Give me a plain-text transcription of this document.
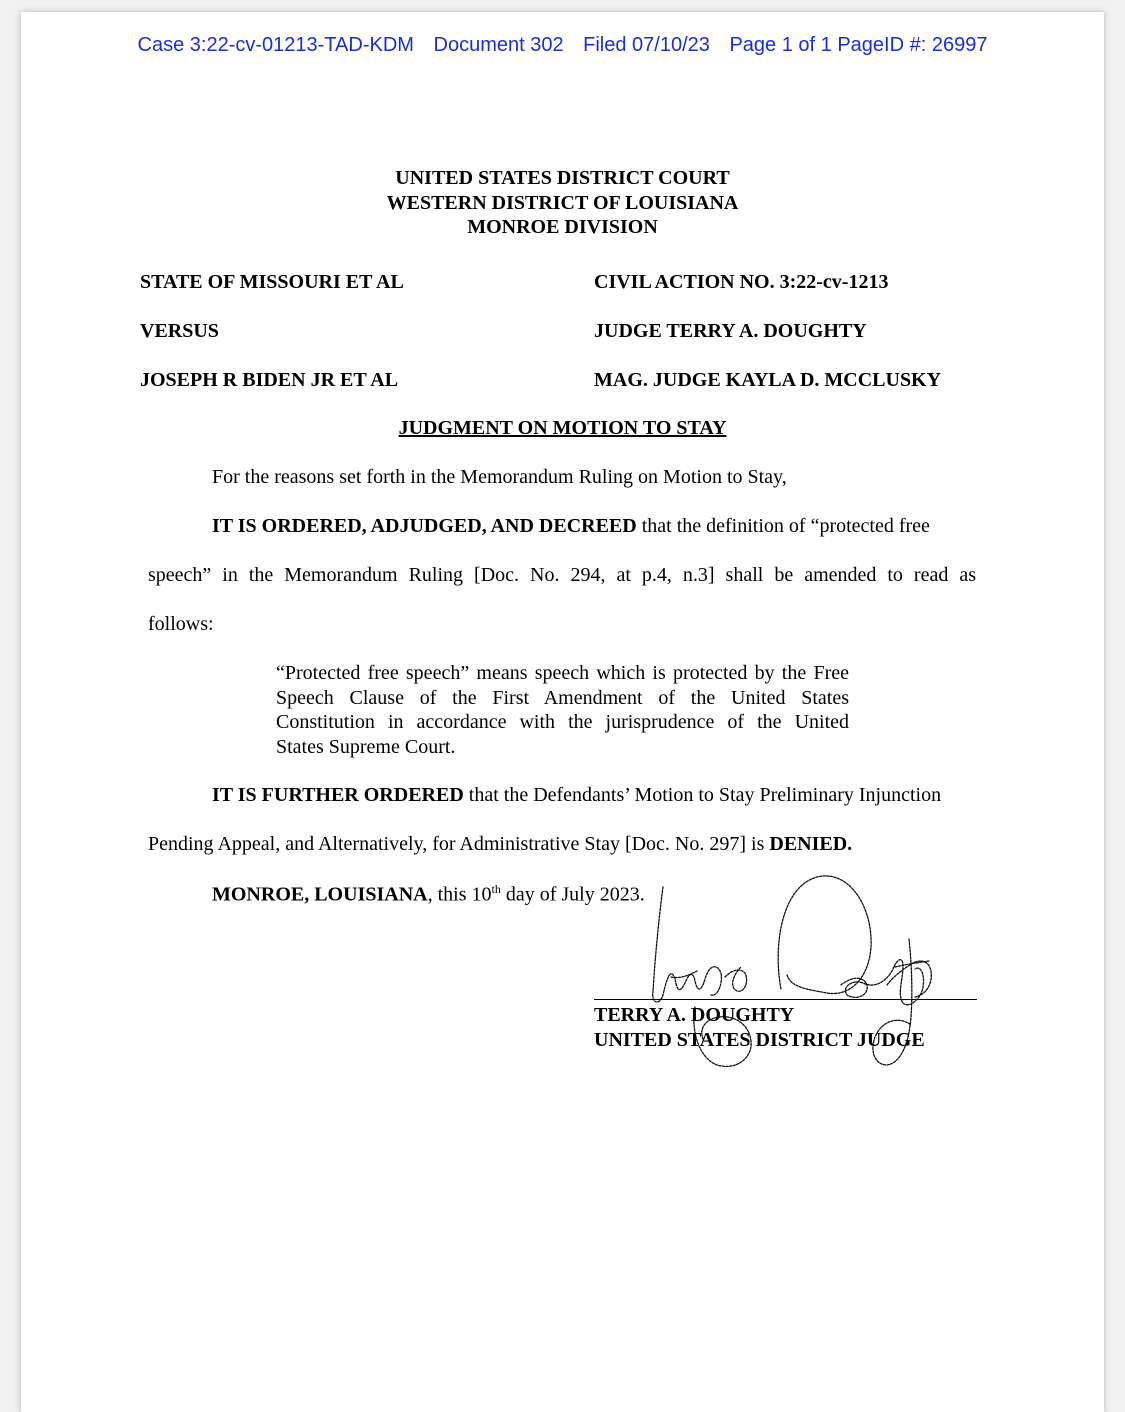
Case 3:22-cv-01213-TAD-KDM Document 302 Filed 07/10/23 Page 1 of 1 PageID #: 26997
UNITED STATES DISTRICT COURT
WESTERN DISTRICT OF LOUISIANA
MONROE DIVISION
STATE OF MISSOURI ET AL	CIVIL ACTION NO. 3:22-cv-1213
VERSUS	JUDGE TERRY A. DOUGHTY
JOSEPH R BIDEN JR ET AL	MAG. JUDGE KAYLA D. MCCLUSKY
JUDGMENT ON MOTION TO STAY
For the reasons set forth in the Memorandum Ruling on Motion to Stay,
IT IS ORDERED, ADJUDGED, AND DECREED that the definition of “protected free
speech” in the Memorandum Ruling [Doc. No. 294, at p.4, n.3] shall be amended to read as
follows:
“Protected free speech” means speech which is protected by the Free
Speech Clause of the First Amendment of the United States
Constitution in accordance with the jurisprudence of the United
States Supreme Court.
IT IS FURTHER ORDERED that the Defendants’ Motion to Stay Preliminary Injunction
Pending Appeal, and Alternatively, for Administrative Stay [Doc. No. 297] is DENIED.
MONROE, LOUISIANA, this 10th day of July 2023.
TERRY A. DOUGHTY
UNITED STATES DISTRICT JUDGE
